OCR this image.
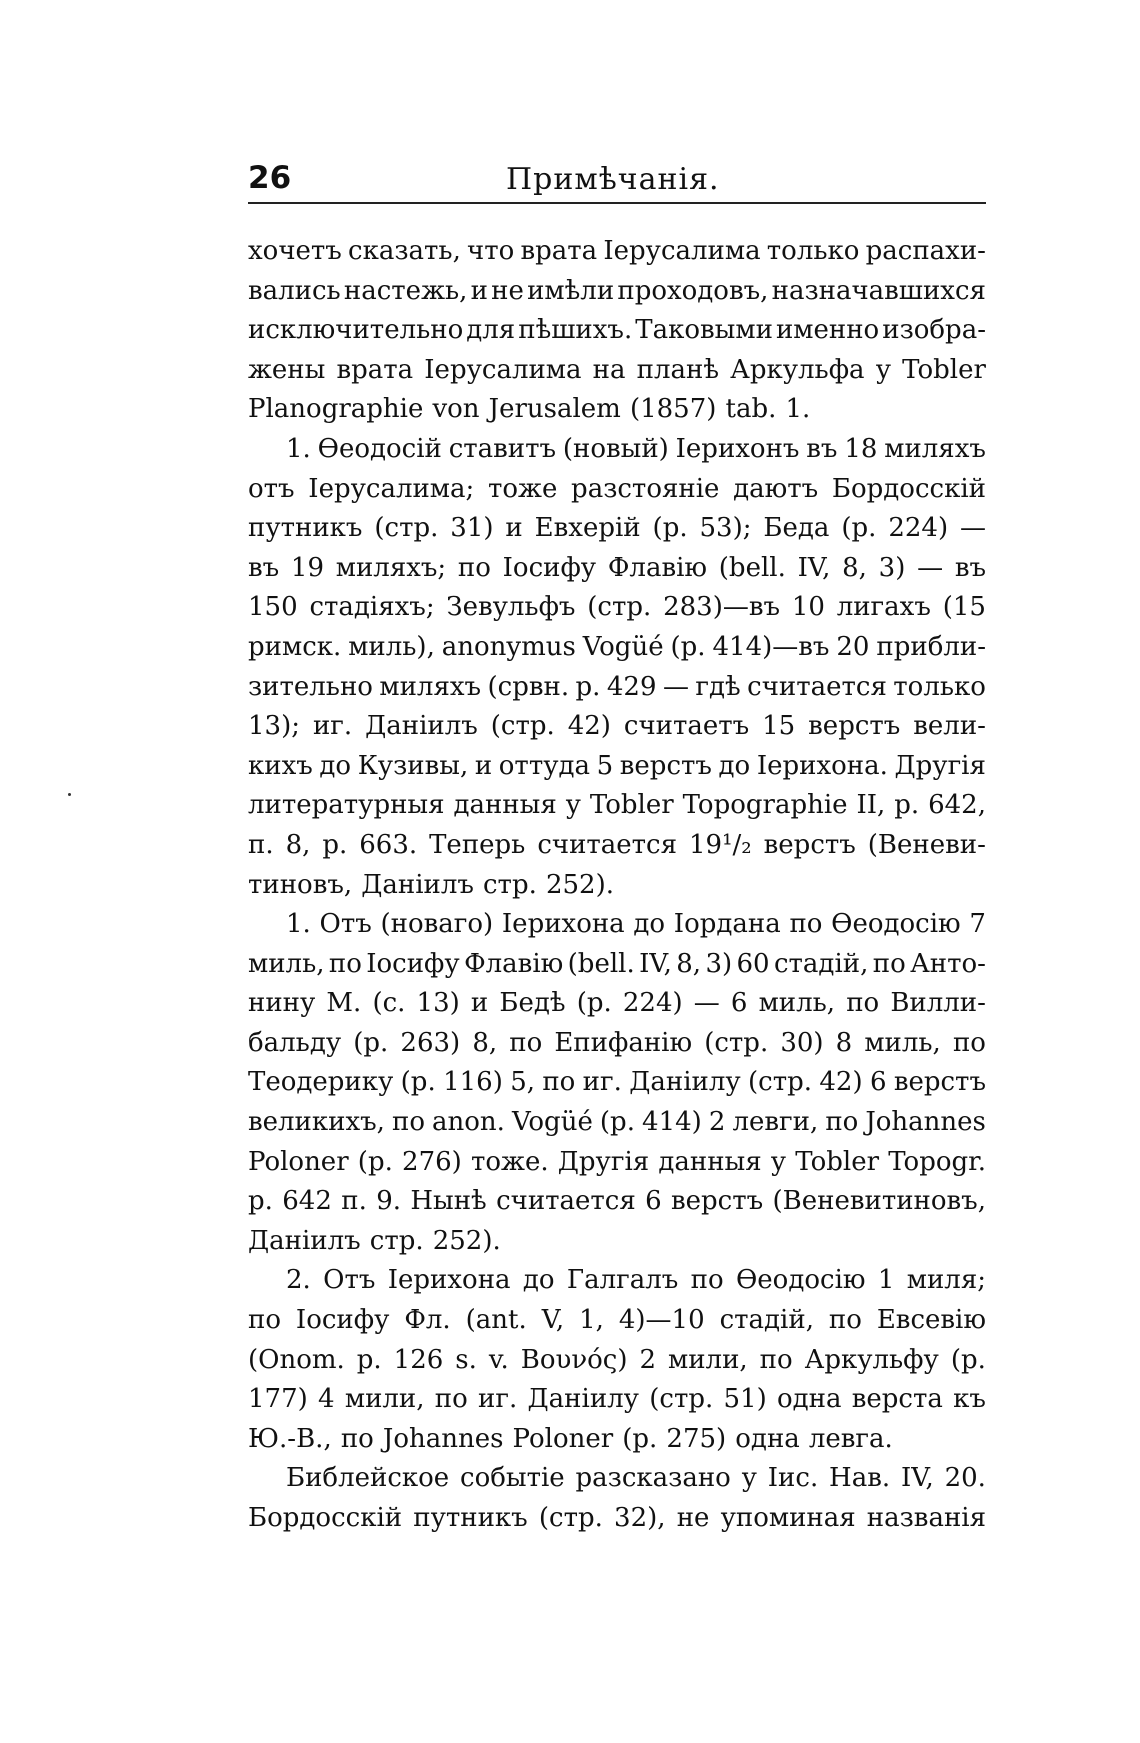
26	Примѣчанія.
хочетъ сказать, что врата Іерусалима только распахи-
вались настежь, и не имѣли проходовъ, назначавшихся
исключительно для пѣшихъ. Таковыми именно изобра-
жены врата Іерусалима на планѣ Аркульфа у Tobler
Planographie von Jerusalem (1857) tab. 1.
1. Өеодосій ставитъ (новый) Іерихонъ въ 18 миляхъ
отъ Іерусалима; тоже разстояніе даютъ Бордосскій
путникъ (стр. 31) и Евхерій (р. 53); Беда (р. 224) —
въ 19 миляхъ; по Іосифу Флавію (bell. IV, 8, 3) — въ
150 стадіяхъ; Зевульфъ (стр. 283)—въ 10 лигахъ (15
римск. миль), anonymus Vogüé (p. 414)—въ 20 прибли-
зительно миляхъ (срвн. р. 429 — гдѣ считается только
13); иг. Даніилъ (стр. 42) считаетъ 15 верстъ вели-
кихъ до Кузивы, и оттуда 5 верстъ до Іерихона. Другія
литературныя данныя у Tobler Topographie II, p. 642,
п. 8, p. 663. Теперь считается 19¹/₂ верстъ (Веневи-
тиновъ, Даніилъ стр. 252).
1. Отъ (новаго) Іерихона до Іордана по Өеодосію 7
миль, по Іосифу Флавію (bell. IV, 8, 3) 60 стадій, по Анто-
нину М. (с. 13) и Бедѣ (р. 224) — 6 миль, по Вилли-
бальду (р. 263) 8, по Епифанію (стр. 30) 8 миль, по
Теодерику (р. 116) 5, по иг. Даніилу (стр. 42) 6 верстъ
великихъ, по anon. Vogüé (p. 414) 2 левги, по Johannes
Poloner (р. 276) тоже. Другія данныя у Tobler Topogr.
р. 642 п. 9. Нынѣ считается 6 верстъ (Веневитиновъ,
Даніилъ стр. 252).
2. Отъ Іерихона до Галгалъ по Өеодосію 1 миля;
по Іосифу Фл. (ant. V, 1, 4)—10 стадій, по Евсевію
(Onom. р. 126 s. v. Βουνός) 2 мили, по Аркульфу (р.
177) 4 мили, по иг. Даніилу (стр. 51) одна верста къ
Ю.-В., по Johannes Poloner (р. 275) одна левга.
Библейское событіе разсказано у Іис. Нав. IV, 20.
Бордосскій путникъ (стр. 32), не упоминая названія
